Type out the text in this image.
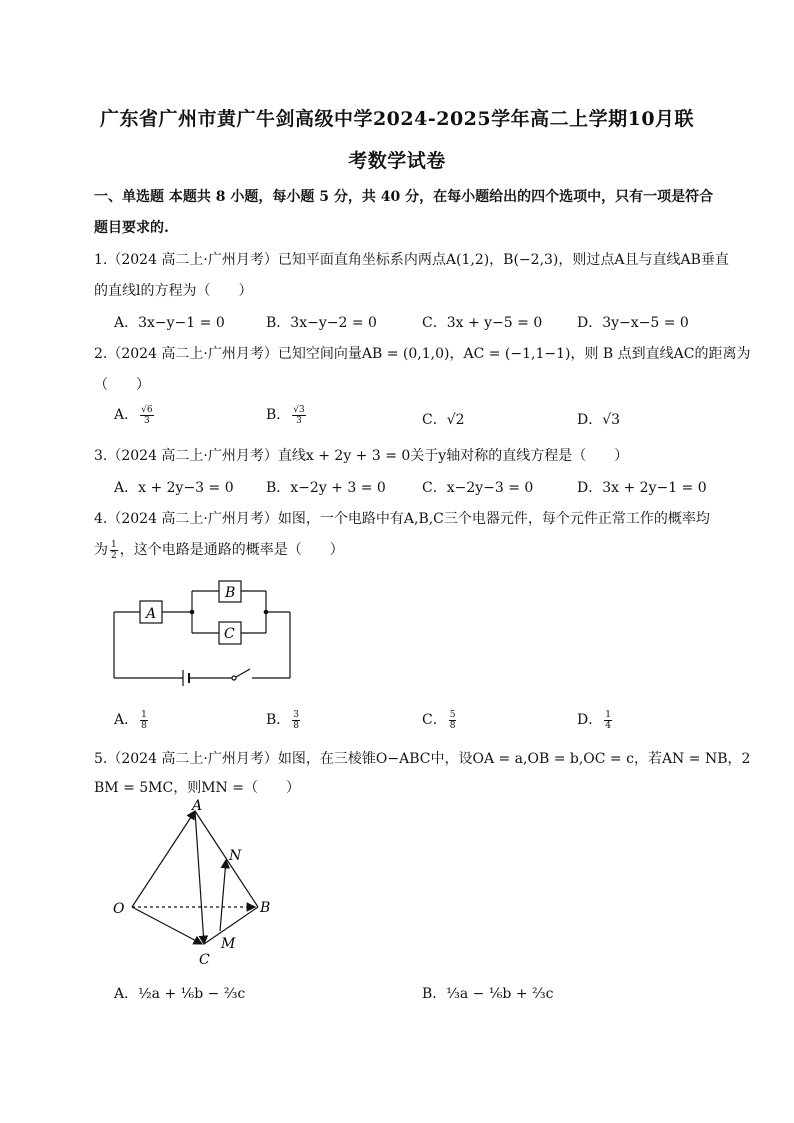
广东省广州市黄广牛剑高级中学2024-2025学年高二上学期10月联
考数学试卷
一、单选题 本题共 8 小题，每小题 5 分，共 40 分，在每小题给出的四个选项中，只有一项是符合
题目要求的.
1.（2024 高二上·广州月考）已知平面直角坐标系内两点A(1,2)，B(−2,3)，则过点A且与直线AB垂直
的直线l的方程为（　　）
A．3x−y−1 = 0	B．3x−y−2 = 0	C．3x + y−5 = 0 D．3y−x−5 = 0
2.（2024 高二上·广州月考）已知空间向量AB = (0,1,0)，AC = (−1,1−1)，则 B 点到直线AC的距离为
（　　）
A． $\frac{√6}{3}$	B． $\frac{√3}{3}$	C．√2	D．√3
3.（2024 高二上·广州月考）直线x + 2y + 3 = 0关于y轴对称的直线方程是（　　）
A．x + 2y−3 = 0 B．x−2y + 3 = 0	C．x−2y−3 = 0	D．3x + 2y−1 = 0
4.（2024 高二上·广州月考）如图，一个电路中有A,B,C三个电器元件，每个元件正常工作的概率均
为 $\frac{1}{2}$ ，这个电路是通路的概率是（　　）
A
B
C
A． $\frac{1}{8}$	B． $\frac{3}{8}$	C． $\frac{5}{8}$	D． $\frac{1}{4}$
5.（2024 高二上·广州月考）如图，在三棱锥O−ABC中，设OA = a,OB = b,OC = c，若AN = NB，2
BM = 5MC，则MN =（　　）
A
O	B
C
N
M
A．½a + ⅙b − ⅔c	B．⅓a − ⅙b + ⅔c
